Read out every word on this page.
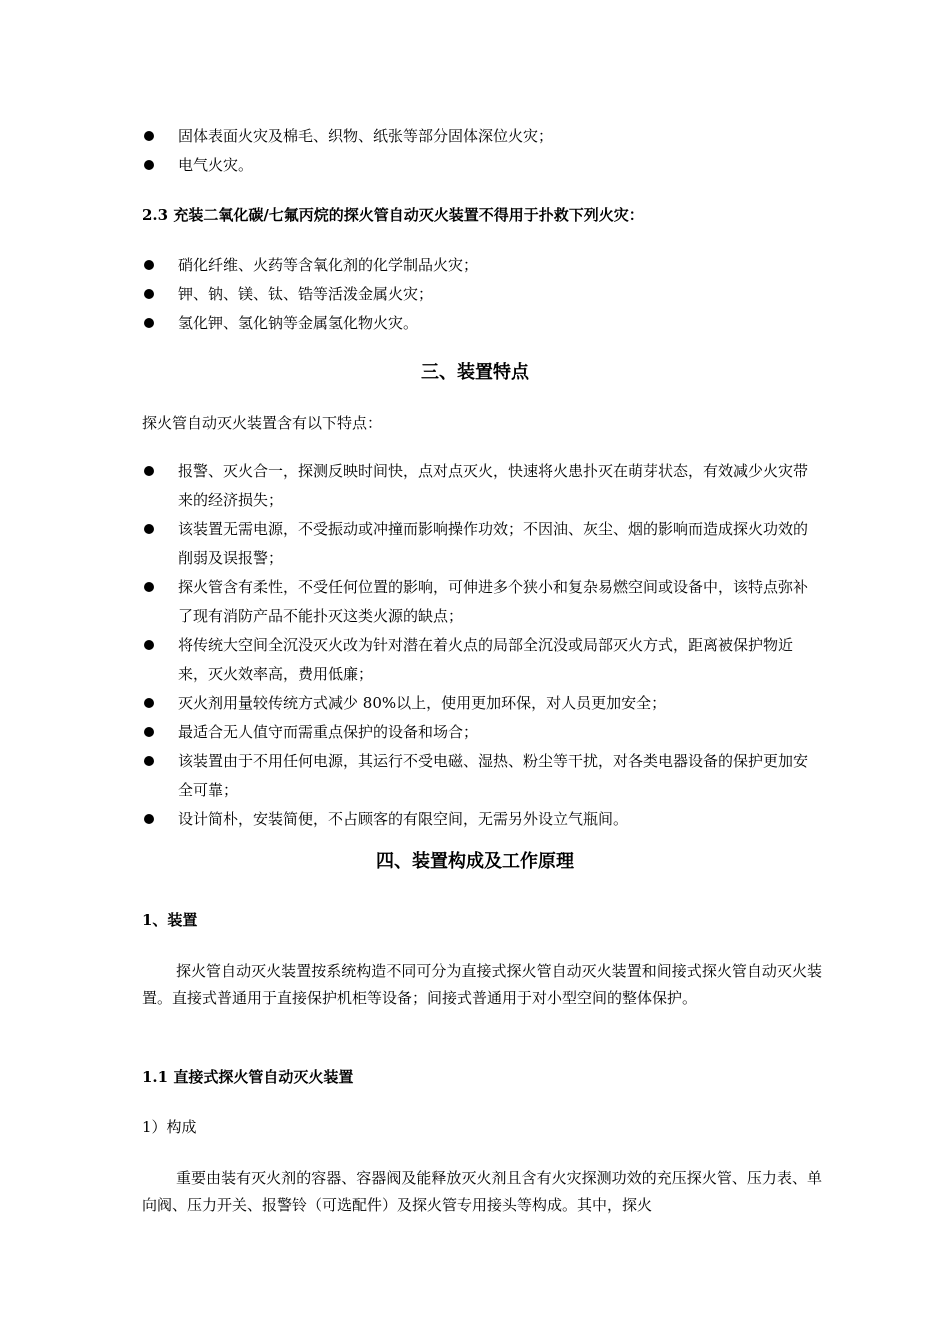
固体表面火灾及棉毛、织物、纸张等部分固体深位火灾；
电气火灾。

2.3 充装二氧化碳/七氟丙烷的探火管自动灭火装置不得用于扑救下列火灾：

硝化纤维、火药等含氧化剂的化学制品火灾；
钾、钠、镁、钛、锆等活泼金属火灾；
氢化钾、氢化钠等金属氢化物火灾。
三、装置特点

探火管自动灭火装置含有以下特点：

报警、灭火合一，探测反映时间快，点对点灭火，快速将火患扑灭在萌芽状态，有效减少火灾带来的经济损失；
该装置无需电源，不受振动或冲撞而影响操作功效；不因油、灰尘、烟的影响而造成探火功效的削弱及误报警；
探火管含有柔性，不受任何位置的影响，可伸进多个狭小和复杂易燃空间或设备中，该特点弥补了现有消防产品不能扑灭这类火源的缺点；
将传统大空间全沉没灭火改为针对潜在着火点的局部全沉没或局部灭火方式，距离被保护物近来，灭火效率高，费用低廉；
灭火剂用量较传统方式减少 80%以上，使用更加环保，对人员更加安全；
最适合无人值守而需重点保护的设备和场合；
该装置由于不用任何电源，其运行不受电磁、湿热、粉尘等干扰，对各类电器设备的保护更加安全可靠；
设计简朴，安装简便，不占顾客的有限空间，无需另外设立气瓶间。
四、装置构成及工作原理

1、装置

探火管自动灭火装置按系统构造不同可分为直接式探火管自动灭火装置和间接式探火管自动灭火装置。直接式普通用于直接保护机柜等设备；间接式普通用于对小型空间的整体保护。

1.1 直接式探火管自动灭火装置

1）构成

重要由装有灭火剂的容器、容器阀及能释放灭火剂且含有火灾探测功效的充压探火管、压力表、单向阀、压力开关、报警铃（可选配件）及探火管专用接头等构成。其中，探火
